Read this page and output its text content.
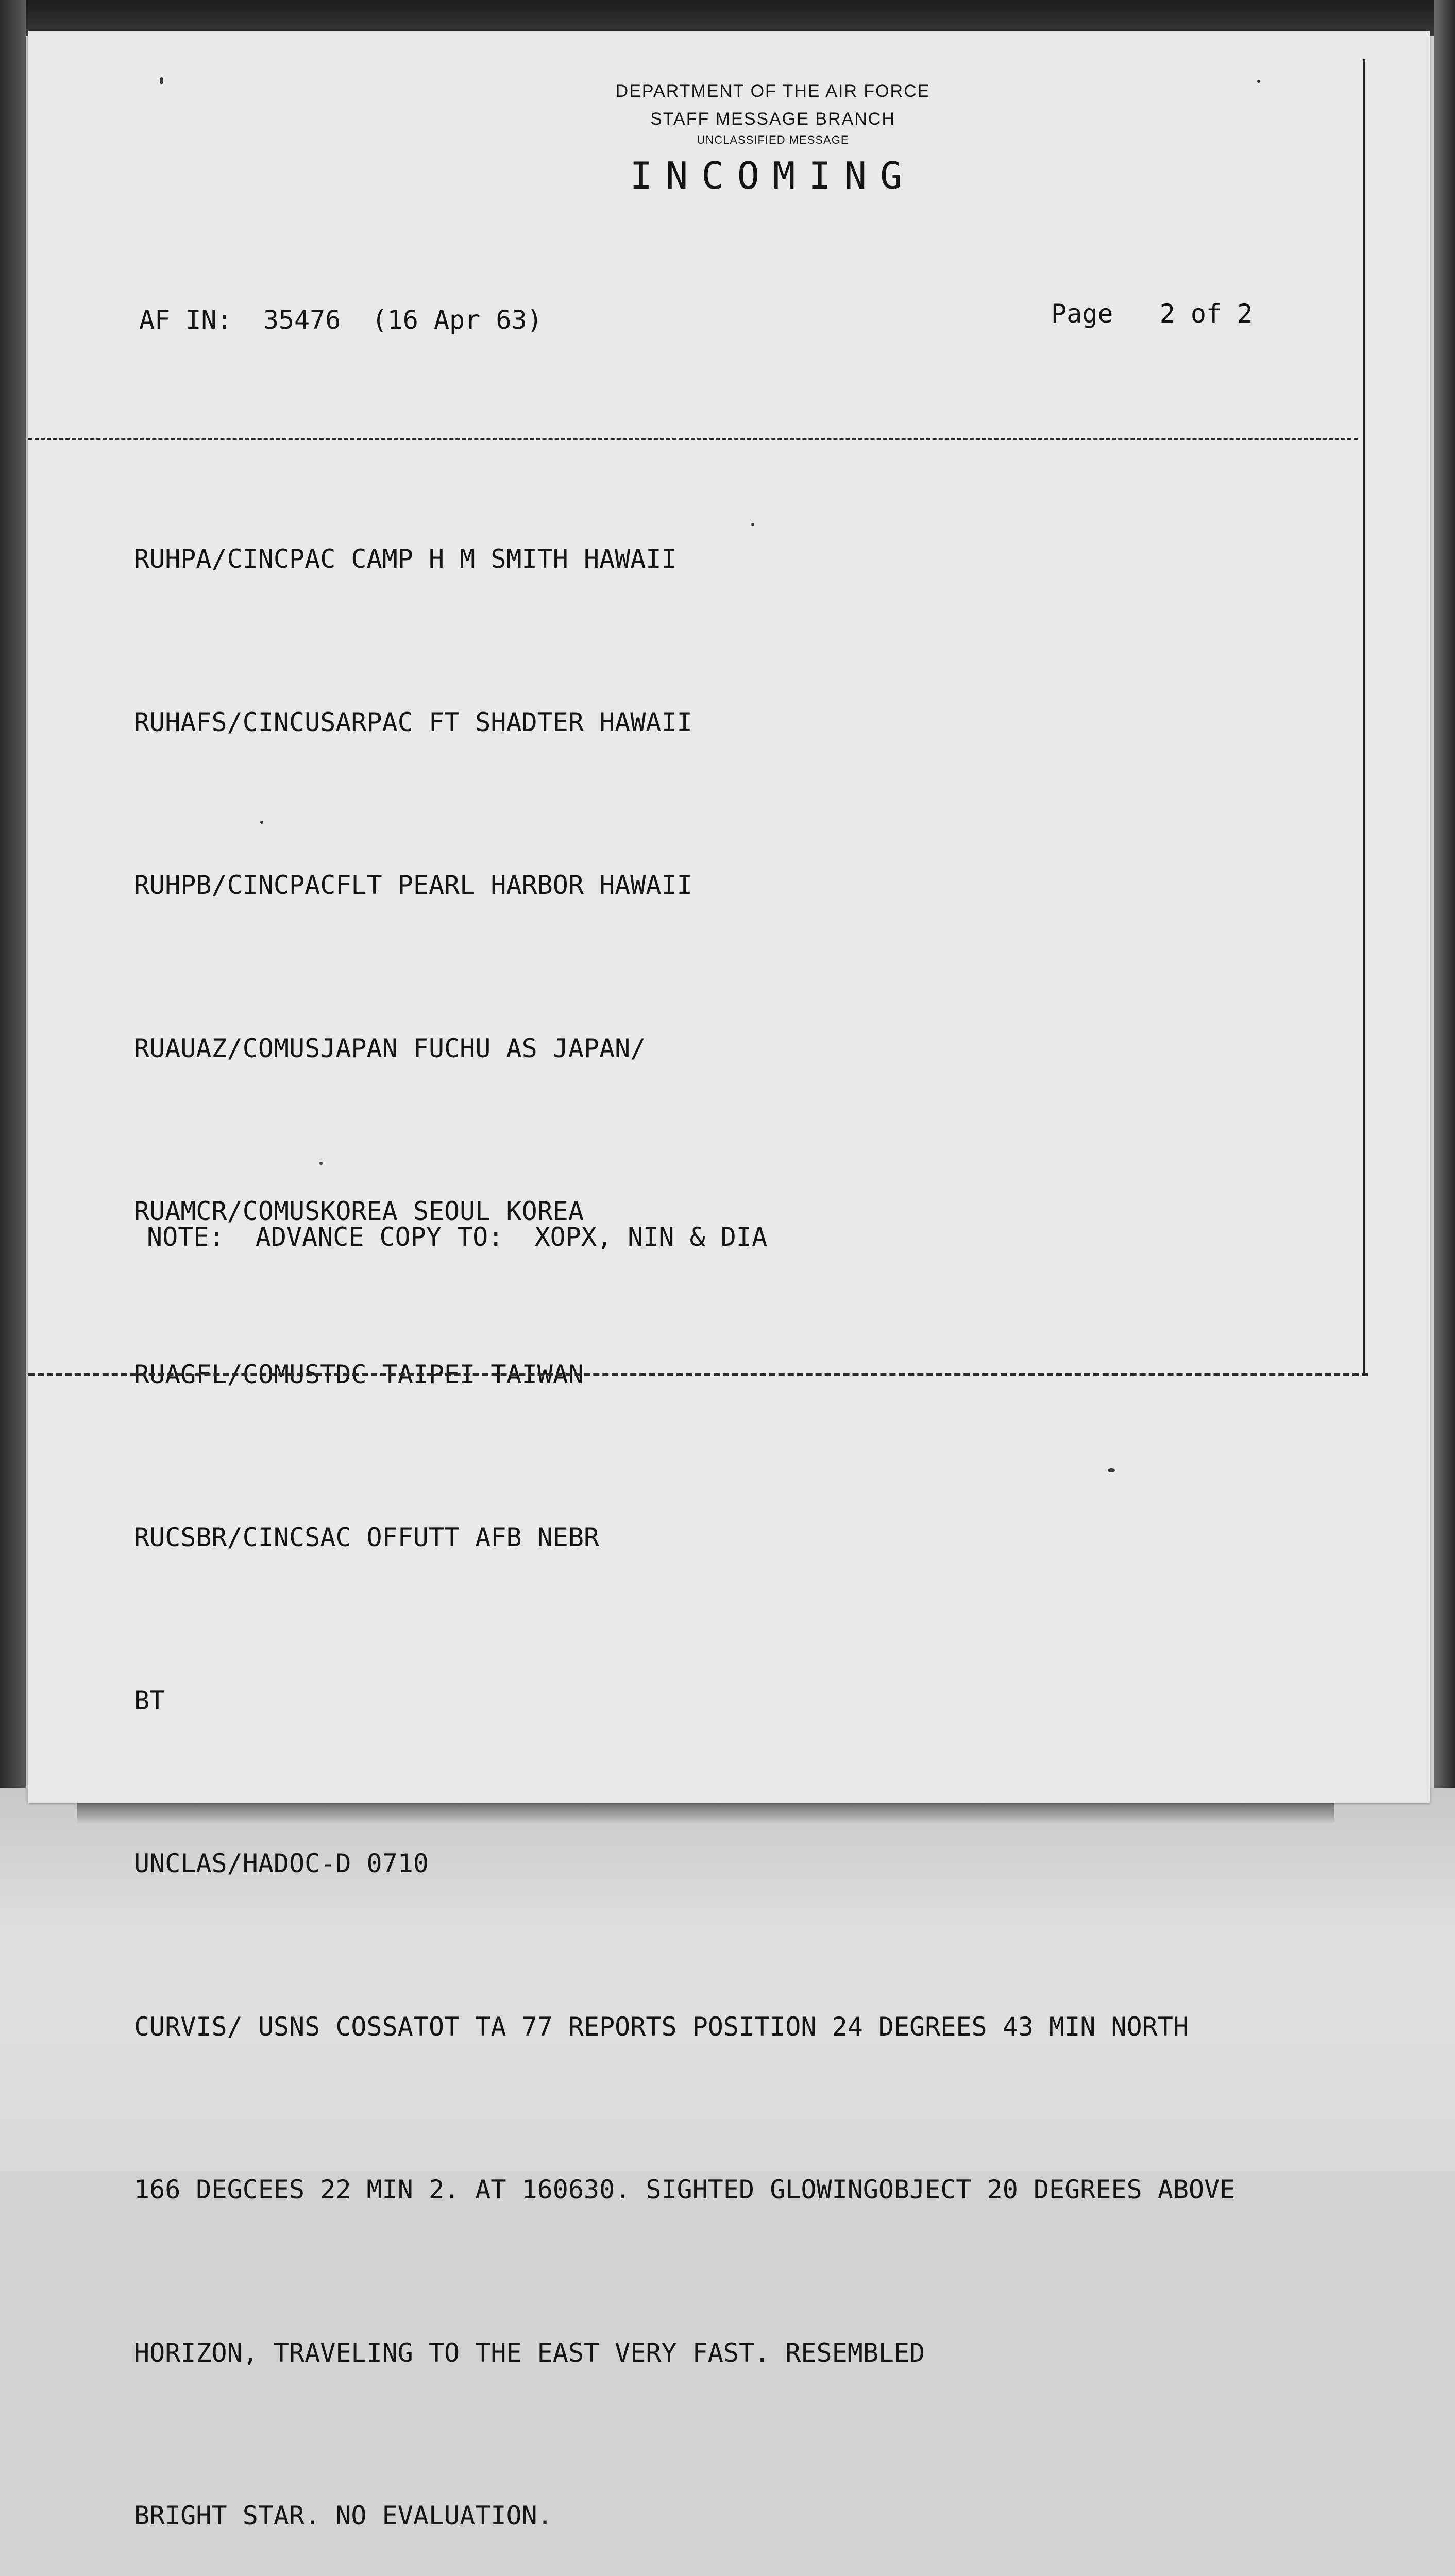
DEPARTMENT OF THE AIR FORCE
STAFF MESSAGE BRANCH
UNCLASSIFIED MESSAGE
INCOMING
AF IN:  35476  (16 Apr 63)	Page   2 of 2

RUHPA/CINCPAC CAMP H M SMITH HAWAII

RUHAFS/CINCUSARPAC FT SHADTER HAWAII

RUHPB/CINCPACFLT PEARL HARBOR HAWAII

RUAUAZ/COMUSJAPAN FUCHU AS JAPAN/

RUAMCR/COMUSKOREA SEOUL KOREA

RUAGFL/COMUSTDC TAIPEI TAIWAN

RUCSBR/CINCSAC OFFUTT AFB NEBR

BT

UNCLAS/HADOC-D 0710

CURVIS/ USNS COSSATOT TA 77 REPORTS POSITION 24 DEGREES 43 MIN NORTH

166 DEGCEES 22 MIN 2. AT 160630. SIGHTED GLOWINGOBJECT 20 DEGREES ABOVE

HORIZON, TRAVELING TO THE EAST VERY FAST. RESEMBLED

BRIGHT STAR. NO EVALUATION.

NOTE:  ADVANCE COPY TO:  XOPX, NIN & DIA
